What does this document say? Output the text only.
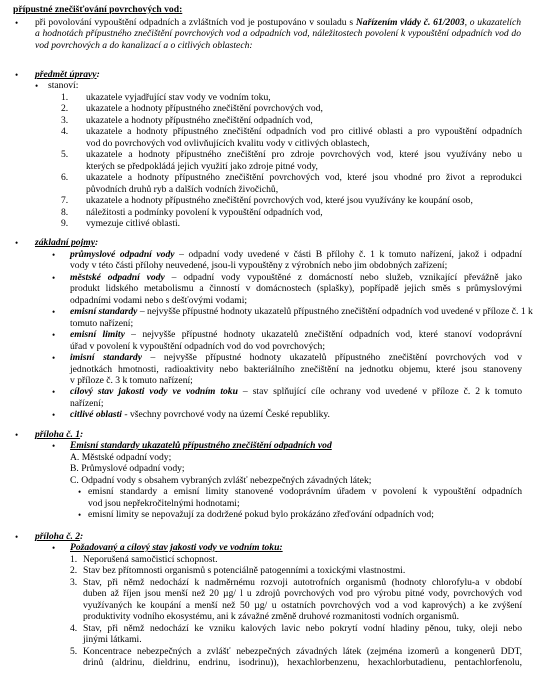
přípustné znečišťování povrchových vod:
• při povolování vypouštění odpadních a zvláštních vod je postupováno v souladu s Nařízením vlády č. 61/2003, o ukazatelích a hodnotách přípustného znečištění povrchových vod a odpadních vod, náležitostech povolení k vypouštění odpadních vod do vod povrchových a do kanalizací a o citlivých oblastech:
• předmět úpravy:
• stanoví:
1. ukazatele vyjadřující stav vody ve vodním toku,
2. ukazatele a hodnoty přípustného znečištění povrchových vod,
3. ukazatele a hodnoty přípustného znečištění odpadních vod,
4. ukazatele a hodnoty přípustného znečištění odpadních vod pro citlivé oblasti a pro vypouštění odpadních
vod do povrchových vod ovlivňujících kvalitu vody v citlivých oblastech,
5. ukazatele a hodnoty přípustného znečištění pro zdroje povrchových vod, které jsou využívány nebo u
kterých se předpokládá jejich využití jako zdroje pitné vody,
6. ukazatele a hodnoty přípustného znečištění povrchových vod, které jsou vhodné pro život a reprodukci
původních druhů ryb a dalších vodních živočichů,
7. ukazatele a hodnoty přípustného znečištění povrchových vod, které jsou využívány ke koupání osob,
8. náležitosti a podmínky povolení k vypouštění odpadních vod,
9. vymezuje citlivé oblasti.
• základní pojmy:
• průmyslové odpadní vody – odpadní vody uvedené v části B přílohy č. 1 k tomuto nařízení, jakož i odpadní
vody v této části přílohy neuvedené, jsou-li vypouštěny z výrobních nebo jim obdobných zařízení;
• městské odpadní vody – odpadní vody vypouštěné z domácností nebo služeb, vznikající převážně jako
produkt lidského metabolismu a činností v domácnostech (splašky), popřípadě jejich směs s průmyslovými
odpadními vodami nebo s dešťovými vodami;
• emisní standardy – nejvyšše přípustné hodnoty ukazatelů přípustného znečištění odpadních vod uvedené v příloze č. 1 k
tomuto nařízení;
• emisní limity – nejvyšše přípustné hodnoty ukazatelů znečištění odpadních vod, které stanoví vodoprávní
úřad v povolení k vypouštění odpadních vod do vod povrchových;
• imisní standardy – nejvyšše přípustné hodnoty ukazatelů přípustného znečištění povrchových vod v
jednotkách hmotnosti, radioaktivity nebo bakteriálního znečištění na jednotku objemu, které jsou stanoveny
v příloze č. 3 k tomuto nařízení;
• cílový stav jakosti vody ve vodním toku – stav splňující cíle ochrany vod uvedené v příloze č. 2 k tomuto
nařízení;
• citlivé oblasti - všechny povrchové vody na území České republiky.
• příloha č. 1:
• Emisní standardy ukazatelů přípustného znečištění odpadních vod
A. Městské odpadní vody;
B. Průmyslové odpadní vody;
C. Odpadní vody s obsahem vybraných zvlášť nebezpečných závadných látek;
• emisní standardy a emisní limity stanovené vodoprávním úřadem v povolení k vypouštění odpadních
vod jsou nepřekročitelnými hodnotami;
• emisní limity se nepovažují za dodržené pokud bylo prokázáno zřeďování odpadních vod;
• příloha č. 2:
• Požadovaný a cílový stav jakosti vody ve vodním toku:
1. Neporušená samočisticí schopnost.
2. Stav bez přítomnosti organismů s potenciálně patogenními a toxickými vlastnostmi.
3. Stav, při němž nedochází k nadměrnému rozvoji autotrofních organismů (hodnoty chlorofylu-a v období
duben až říjen jsou menší než 20 µg/ l u zdrojů povrchových vod pro výrobu pitné vody, povrchových vod
využívaných ke koupání a menší než 50 µg/ u ostatních povrchových vod a vod kaprových) a ke zvýšení
produktivity vodního ekosystému, ani k závažné změně druhové rozmanitosti vodních organismů.
4. Stav, při němž nedochází ke vzniku kalových lavic nebo pokrytí vodní hladiny pěnou, tuky, oleji nebo
jinými látkami.
5. Koncentrace nebezpečných a zvlášť nebezpečných závadných látek (zejména izomerů a kongenerů DDT,
drinů (aldrinu, dieldrinu, endrinu, isodrinu)), hexachlorbenzenu, hexachlorbutadienu, pentachlorfenolu,
